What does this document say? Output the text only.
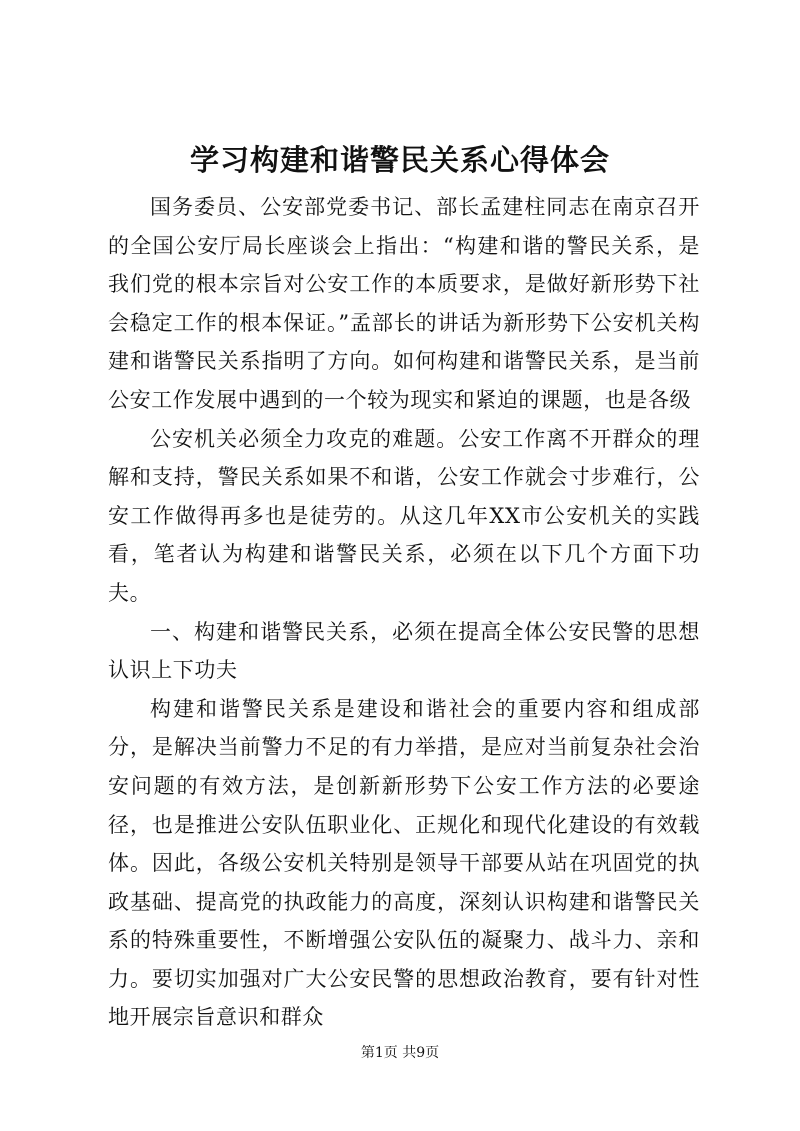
学习构建和谐警民关系心得体会

国务委员、公安部党委书记、部长孟建柱同志在南京召开的全国公安厅局长座谈会上指出：“构建和谐的警民关系，是我们党的根本宗旨对公安工作的本质要求，是做好新形势下社会稳定工作的根本保证。”孟部长的讲话为新形势下公安机关构建和谐警民关系指明了方向。如何构建和谐警民关系，是当前公安工作发展中遇到的一个较为现实和紧迫的课题，也是各级

公安机关必须全力攻克的难题。公安工作离不开群众的理解和支持，警民关系如果不和谐，公安工作就会寸步难行，公安工作做得再多也是徒劳的。从这几年XX市公安机关的实践看，笔者认为构建和谐警民关系，必须在以下几个方面下功夫。

一、构建和谐警民关系，必须在提高全体公安民警的思想认识上下功夫

构建和谐警民关系是建设和谐社会的重要内容和组成部分，是解决当前警力不足的有力举措，是应对当前复杂社会治安问题的有效方法，是创新新形势下公安工作方法的必要途径，也是推进公安队伍职业化、正规化和现代化建设的有效载体。因此，各级公安机关特别是领导干部要从站在巩固党的执政基础、提高党的执政能力的高度，深刻认识构建和谐警民关系的特殊重要性，不断增强公安队伍的凝聚力、战斗力、亲和力。要切实加强对广大公安民警的思想政治教育，要有针对性地开展宗旨意识和群众

第1页 共9页
